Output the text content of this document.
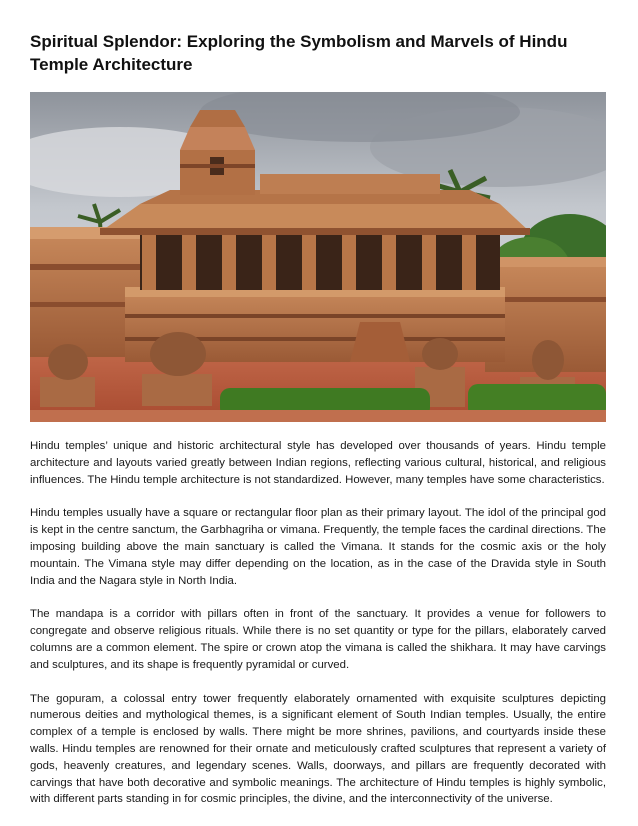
Spiritual Splendor: Exploring the Symbolism and Marvels of Hindu Temple Architecture

Hindu temples’ unique and historic architectural style has developed over thousands of years. Hindu temple architecture and layouts varied greatly between Indian regions, reflecting various cultural, historical, and religious influences. The Hindu temple architecture is not standardized. However, many temples have some characteristics.

Hindu temples usually have a square or rectangular floor plan as their primary layout. The idol of the principal god is kept in the centre sanctum, the Garbhagriha or vimana. Frequently, the temple faces the cardinal directions. The imposing building above the main sanctuary is called the Vimana. It stands for the cosmic axis or the holy mountain. The Vimana style may differ depending on the location, as in the case of the Dravida style in South India and the Nagara style in North India.

The mandapa is a corridor with pillars often in front of the sanctuary. It provides a venue for followers to congregate and observe religious rituals. While there is no set quantity or type for the pillars, elaborately carved columns are a common element. The spire or crown atop the vimana is called the shikhara. It may have carvings and sculptures, and its shape is frequently pyramidal or curved.

The gopuram, a colossal entry tower frequently elaborately ornamented with exquisite sculptures depicting numerous deities and mythological themes, is a significant element of South Indian temples. Usually, the entire complex of a temple is enclosed by walls. There might be more shrines, pavilions, and courtyards inside these walls. Hindu temples are renowned for their ornate and meticulously crafted sculptures that represent a variety of gods, heavenly creatures, and legendary scenes. Walls, doorways, and pillars are frequently decorated with carvings that have both decorative and symbolic meanings. The architecture of Hindu temples is highly symbolic, with different parts standing in for cosmic principles, the divine, and the interconnectivity of the universe.
